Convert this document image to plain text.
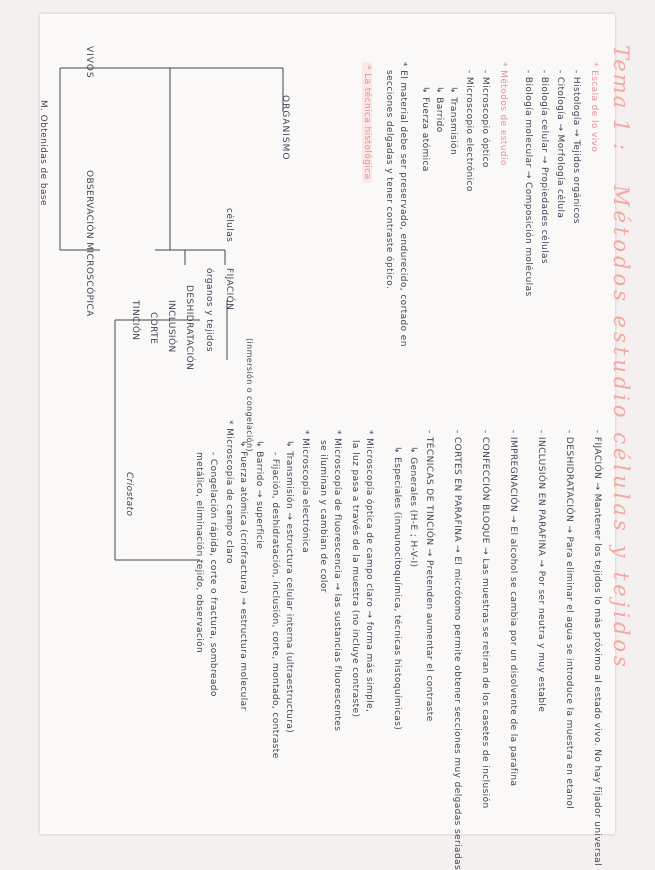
Tema 1 :
Métodos estudio células y tejidos
* Escala de lo vivo
- Histología → Tejidos orgánicos
- Citología → Morfología célula
- Biología celular → Propiedades células
- Biología molecular → Composición moléculas
* Métodos de estudio
- Microscopio óptico
- Microscopio electrónico
↳ Transmisión
↳ Barrido
↳ Fuerza atómica
* El material debe ser preservado, endurecido, cortado en
secciones delgadas y tener contraste óptico.
* La técnica histológica
ORGANISMO
VIVOS
células
FIJACIÓN
(inmersión o congelación)
órganos y tejidos
DESHIDRATACIÓN
INCLUSIÓN
CORTE
TINCIÓN
Criostato
OBSERVACIÓN MICROSCÓPICA
M. Obtenidas de base
* Microscopía de campo claro	- FIJACIÓN → Mantener los tejidos lo más próximo al estado vivo. No hay fijador universal
- DESHIDRATACIÓN → Para eliminar el agua se introduce la muestra en etanol
- INCLUSIÓN EN PARAFINA → Por ser neutra y muy estable
- IMPREGNACIÓN → El alcohol se cambia por un disolvente de la parafina
- CONFECCIÓN BLOQUE → Las muestras se retiran de los casetes de inclusión
- CORTES EN PARAFINA → El micrótomo permite obtener secciones muy delgadas seriadas
- TÉCNICAS DE TINCIÓN → Pretenden aumentar el contraste
↳ Generales (H-E ; H-V-I)
↳ Especiales (inmunocitoquímica, técnicas histoquímicas)
* Microscopía óptica de campo claro → forma más simple,
la luz pasa a través de la muestra (no incluye contraste)
* Microscopía de fluorescencia → las sustancias fluorescentes
se iluminan y cambian de color
* Microscopía electrónica
↳ Transmisión → estructura celular interna (ultraestructura)
- Fijación, deshidratación, inclusión, corte, montado, contraste
↳ Barrido → superficie
↳ Fuerza atómica (criofractura) → estructura molecular
- Congelación rápida, corte o fractura, sombreado
metálico, eliminación tejido, observación
